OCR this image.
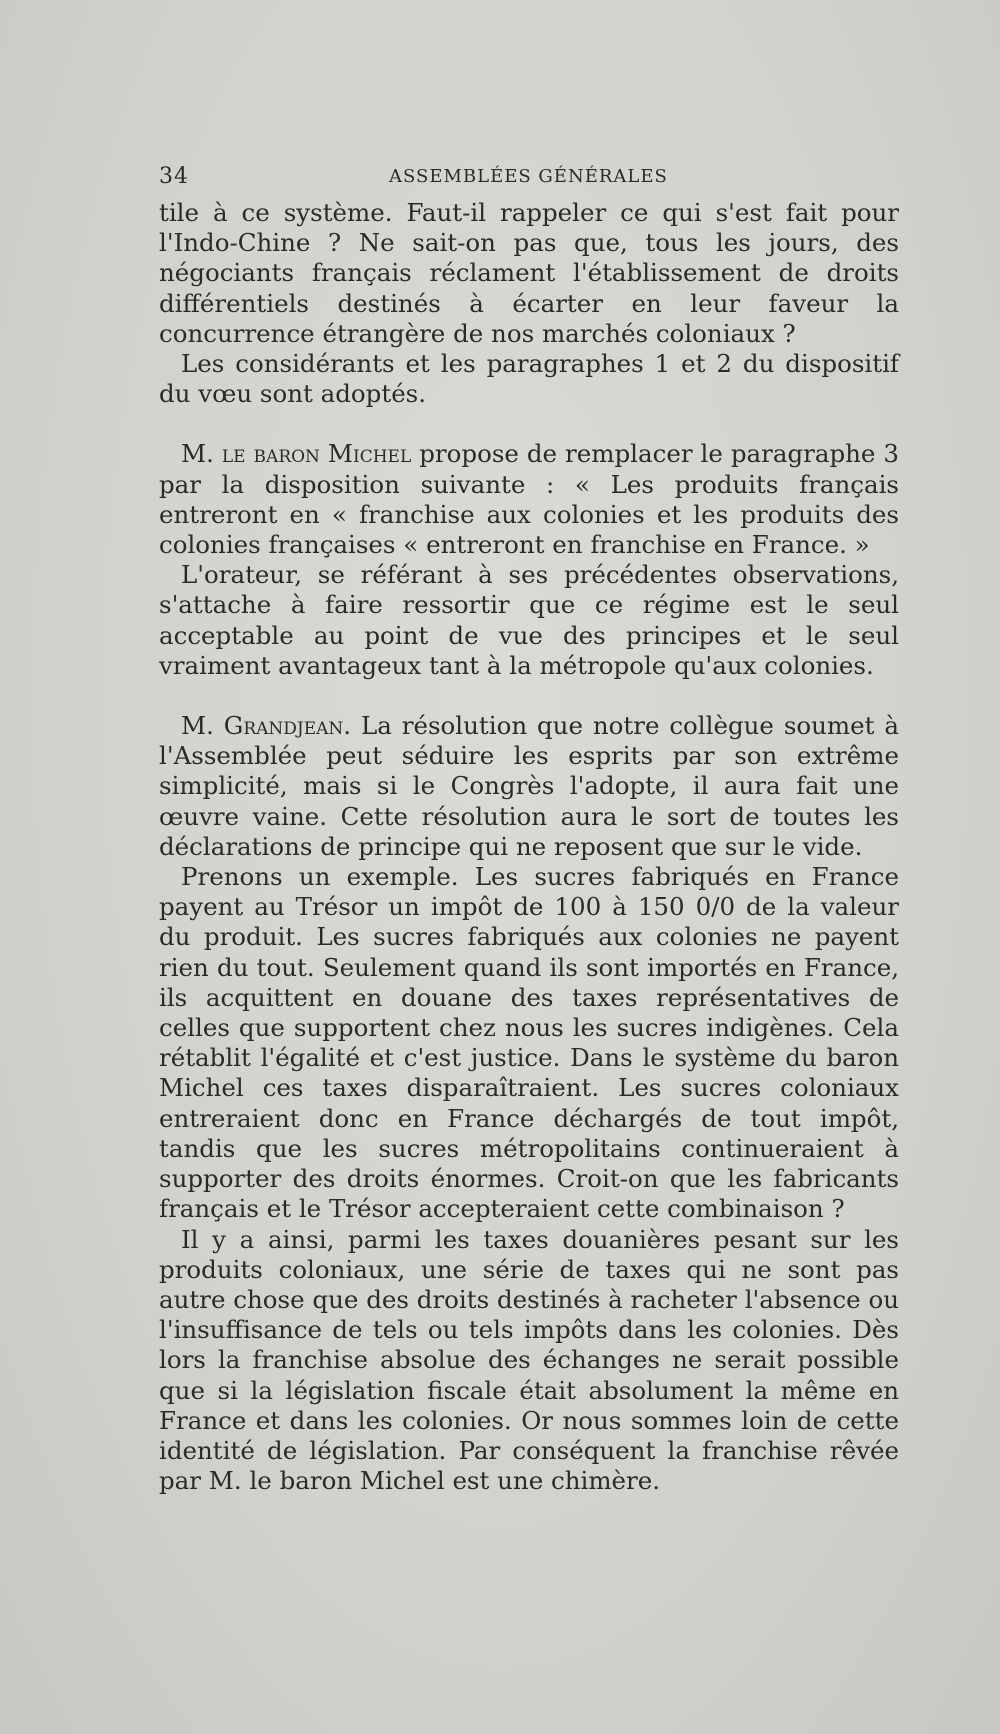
34	ASSEMBLÉES GÉNÉRALES

tile à ce système. Faut-il rappeler ce qui s'est fait pour l'Indo-Chine ? Ne sait-on pas que, tous les jours, des négociants français réclament l'établissement de droits différentiels destinés à écarter en leur faveur la concurrence étrangère de nos marchés coloniaux ?

Les considérants et les paragraphes 1 et 2 du dispositif du vœu sont adoptés.

M. le baron Michel propose de remplacer le paragraphe 3 par la disposition suivante : « Les produits français entreront en « franchise aux colonies et les produits des colonies françaises « entreront en franchise en France. »

L'orateur, se référant à ses précédentes observations, s'attache à faire ressortir que ce régime est le seul acceptable au point de vue des principes et le seul vraiment avantageux tant à la métropole qu'aux colonies.

M. Grandjean. La résolution que notre collègue soumet à l'Assemblée peut séduire les esprits par son extrême simplicité, mais si le Congrès l'adopte, il aura fait une œuvre vaine. Cette résolution aura le sort de toutes les déclarations de principe qui ne reposent que sur le vide.

Prenons un exemple. Les sucres fabriqués en France payent au Trésor un impôt de 100 à 150 0/0 de la valeur du produit. Les sucres fabriqués aux colonies ne payent rien du tout. Seulement quand ils sont importés en France, ils acquittent en douane des taxes représentatives de celles que supportent chez nous les sucres indigènes. Cela rétablit l'égalité et c'est justice. Dans le système du baron Michel ces taxes disparaîtraient. Les sucres coloniaux entreraient donc en France déchargés de tout impôt, tandis que les sucres métropolitains continueraient à supporter des droits énormes. Croit-on que les fabricants français et le Trésor accepteraient cette combinaison ?

Il y a ainsi, parmi les taxes douanières pesant sur les produits coloniaux, une série de taxes qui ne sont pas autre chose que des droits destinés à racheter l'absence ou l'insuffisance de tels ou tels impôts dans les colonies. Dès lors la franchise absolue des échanges ne serait possible que si la législation fiscale était absolument la même en France et dans les colonies. Or nous sommes loin de cette identité de législation. Par conséquent la franchise rêvée par M. le baron Michel est une chimère.
